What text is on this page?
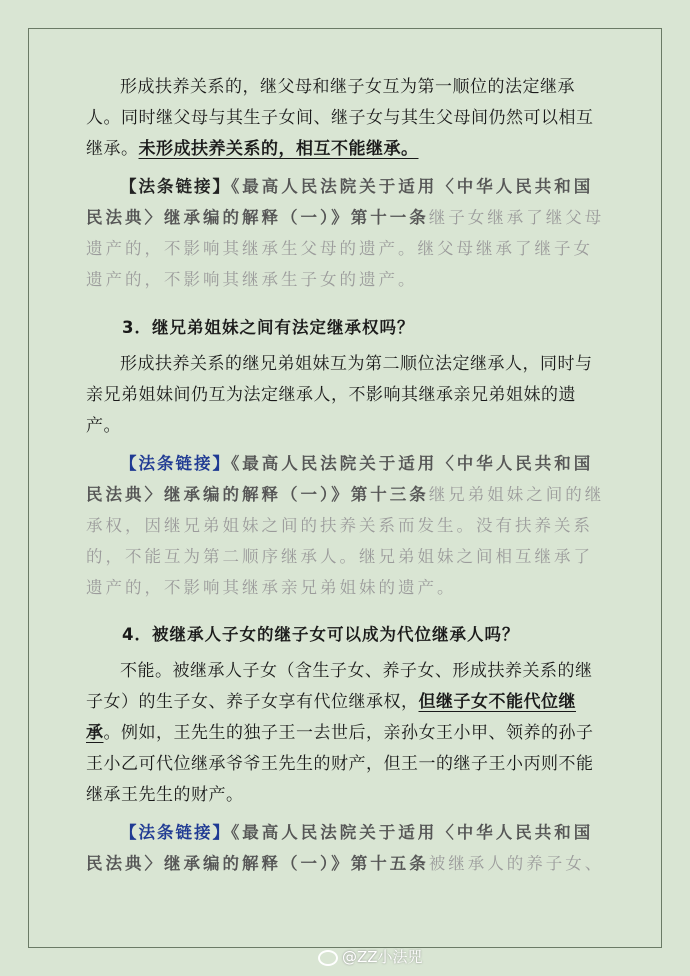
形成扶养关系的，继父母和继子女互为第一顺位的法定继承人。同时继父母与其生子女间、继子女与其生父母间仍然可以相互继承。未形成扶养关系的，相互不能继承。

【法条链接】《最高人民法院关于适用〈中华人民共和国民法典〉继承编的解释（一）》第十一条继子女继承了继父母遗产的，不影响其继承生父母的遗产。继父母继承了继子女遗产的，不影响其继承生子女的遗产。

3．继兄弟姐妹之间有法定继承权吗？

形成扶养关系的继兄弟姐妹互为第二顺位法定继承人，同时与亲兄弟姐妹间仍互为法定继承人，不影响其继承亲兄弟姐妹的遗产。

【法条链接】《最高人民法院关于适用〈中华人民共和国民法典〉继承编的解释（一）》第十三条继兄弟姐妹之间的继承权，因继兄弟姐妹之间的扶养关系而发生。没有扶养关系的，不能互为第二顺序继承人。继兄弟姐妹之间相互继承了遗产的，不影响其继承亲兄弟姐妹的遗产。

4．被继承人子女的继子女可以成为代位继承人吗？

不能。被继承人子女（含生子女、养子女、形成扶养关系的继子女）的生子女、养子女享有代位继承权，但继子女不能代位继承。例如，王先生的独子王一去世后，亲孙女王小甲、领养的孙子王小乙可代位继承爷爷王先生的财产，但王一的继子王小丙则不能继承王先生的财产。

【法条链接】《最高人民法院关于适用〈中华人民共和国民法典〉继承编的解释（一）》第十五条被继承人的养子女、

@ZZ小法兕
